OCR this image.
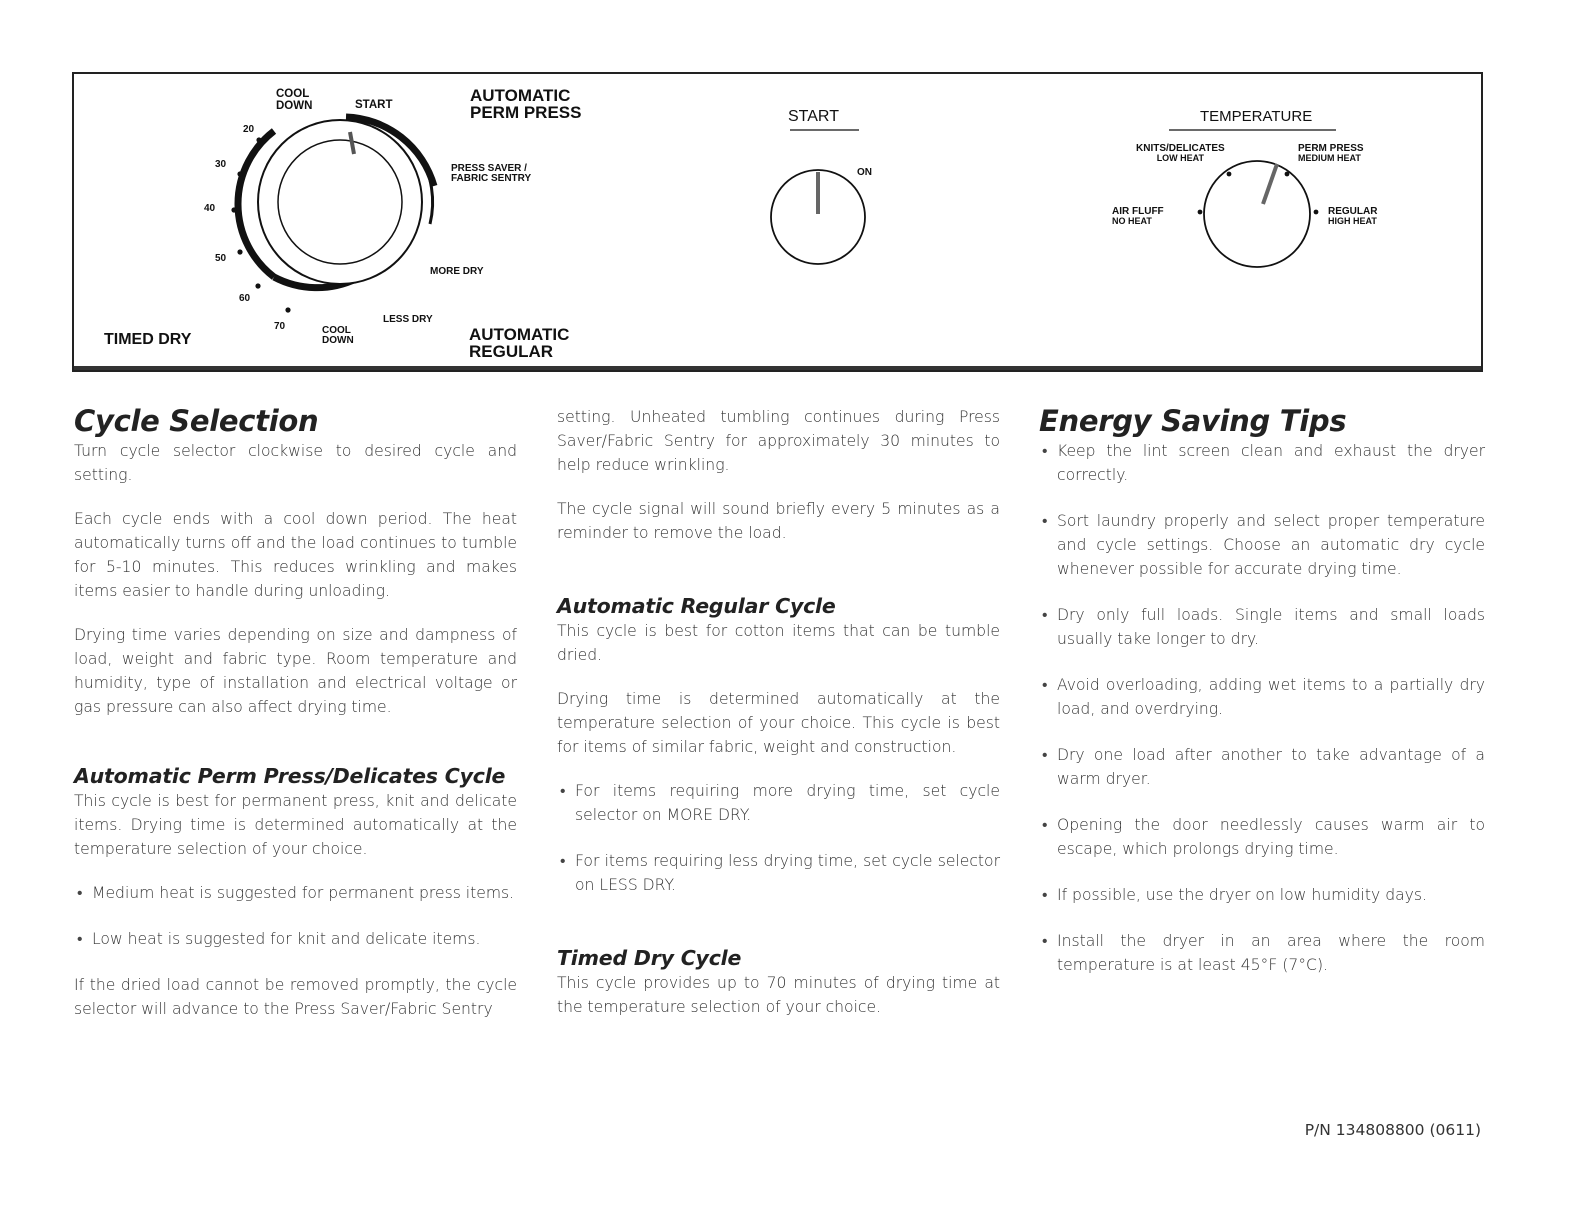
COOL
DOWN	START	AUTOMATIC
PERM PRESS
PRESS SAVER /
FABRIC SENTRY
MORE DRY
LESS DRY
COOL
DOWN	AUTOMATIC
REGULAR
TIMED DRY
20
30
40
50
60
70
START
ON
TEMPERATURE
KNITS/DELICATES
LOW HEAT
PERM PRESS
MEDIUM HEAT
AIR FLUFF
NO HEAT
REGULAR
HIGH HEAT
Cycle Selection

Turn cycle selector clockwise to desired cycle and setting.

Each cycle ends with a cool down period. The heat automatically turns off and the load continues to tumble for 5-10 minutes. This reduces wrinkling and makes items easier to handle during unloading.

Drying time varies depending on size and dampness of load, weight and fabric type. Room temperature and humidity, type of installation and electrical voltage or gas pressure can also affect drying time.

Automatic Perm Press/Delicates Cycle

This cycle is best for permanent press, knit and delicate items. Drying time is determined automatically at the temperature selection of your choice.

• Medium heat is suggested for permanent press items.
• Low heat is suggested for knit and delicate items.

If the dried load cannot be removed promptly, the cycle selector will advance to the Press Saver/Fabric Sentry

setting. Unheated tumbling continues during Press Saver/Fabric Sentry for approximately 30 minutes to help reduce wrinkling.

The cycle signal will sound briefly every 5 minutes as a reminder to remove the load.

Automatic Regular Cycle

This cycle is best for cotton items that can be tumble dried.

Drying time is determined automatically at the temperature selection of your choice. This cycle is best for items of similar fabric, weight and construction.

• For items requiring more drying time, set cycle selector on MORE DRY.
• For items requiring less drying time, set cycle selector on LESS DRY.
Timed Dry Cycle

This cycle provides up to 70 minutes of drying time at the temperature selection of your choice.

Energy Saving Tips
• Keep the lint screen clean and exhaust the dryer correctly.
• Sort laundry properly and select proper temperature and cycle settings. Choose an automatic dry cycle whenever possible for accurate drying time.
• Dry only full loads. Single items and small loads usually take longer to dry.
• Avoid overloading, adding wet items to a partially dry load, and overdrying.
• Dry one load after another to take advantage of a warm dryer.
• Opening the door needlessly causes warm air to escape, which prolongs drying time.
• If possible, use the dryer on low humidity days.
• Install the dryer in an area where the room temperature is at least 45°F (7°C).
P/N 134808800 (0611)
